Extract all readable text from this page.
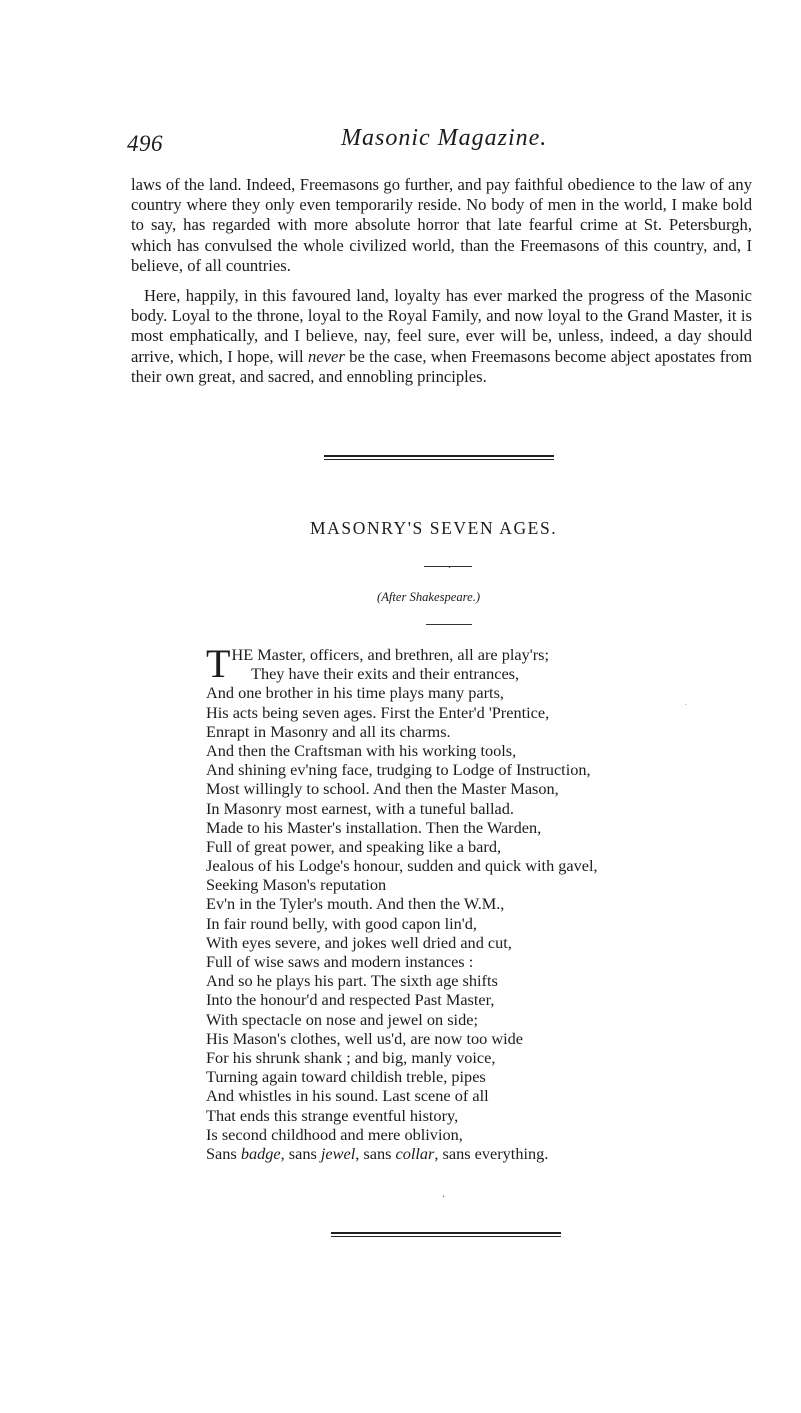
496	Masonic Magazine.

laws of the land. Indeed, Freemasons go further, and pay faithful obedience to the law of any country where they only even temporarily reside. No body of men in the world, I make bold to say, has regarded with more absolute horror that late fearful crime at St. Petersburgh, which has convulsed the whole civilized world, than the Freemasons of this country, and, I believe, of all countries.

Here, happily, in this favoured land, loyalty has ever marked the progress of the Masonic body. Loyal to the throne, loyal to the Royal Family, and now loyal to the Grand Master, it is most emphatically, and I believe, nay, feel sure, ever will be, unless, indeed, a day should arrive, which, I hope, will never be the case, when Freemasons become abject apostates from their own great, and sacred, and ennobling principles.

MASONRY'S SEVEN AGES.
.
(After Shakespeare.)
THE Master, officers, and brethren, all are play'rs;
They have their exits and their entrances,
And one brother in his time plays many parts,
His acts being seven ages. First the Enter'd 'Prentice,
Enrapt in Masonry and all its charms.
And then the Craftsman with his working tools,
And shining ev'ning face, trudging to Lodge of Instruction,
Most willingly to school. And then the Master Mason,
In Masonry most earnest, with a tuneful ballad.
Made to his Master's installation. Then the Warden,
Full of great power, and speaking like a bard,
Jealous of his Lodge's honour, sudden and quick with gavel,
Seeking Mason's reputation
Ev'n in the Tyler's mouth. And then the W.M.,
In fair round belly, with good capon lin'd,
With eyes severe, and jokes well dried and cut,
Full of wise saws and modern instances :
And so he plays his part. The sixth age shifts
Into the honour'd and respected Past Master,
With spectacle on nose and jewel on side;
His Mason's clothes, well us'd, are now too wide
For his shrunk shank ; and big, manly voice,
Turning again toward childish treble, pipes
And whistles in his sound. Last scene of all
That ends this strange eventful history,
Is second childhood and mere oblivion,
Sans badge, sans jewel, sans collar, sans everything.
·
.
